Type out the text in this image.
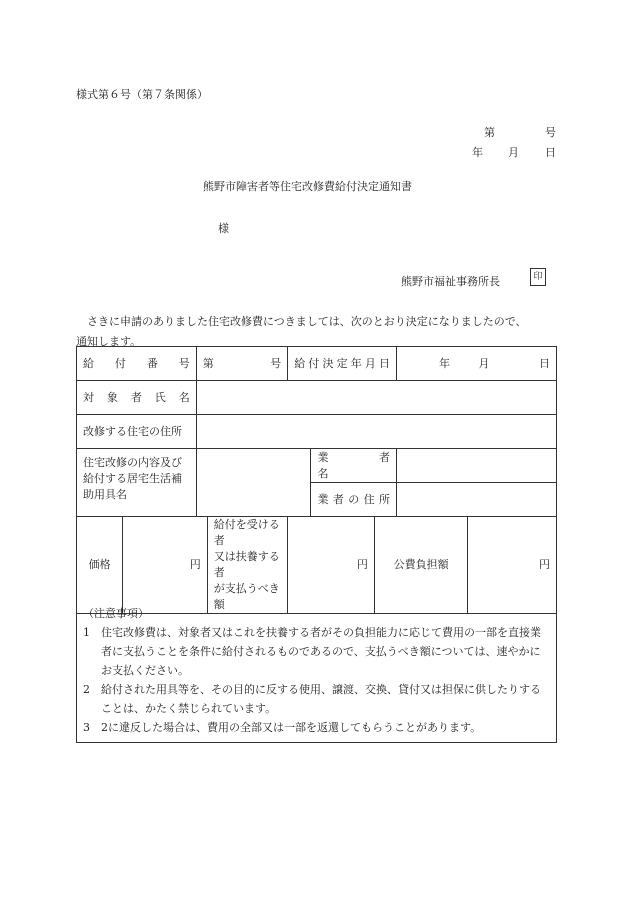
様式第６号（第７条関係）
第	号
年 月 日
熊野市障害者等住宅改修費給付決定通知書
様
熊野市福祉事務所長	印

さきに申請のありました住宅改修費につきましては、次のとおり決定になりましたので、

通知します。

給　付　番　号		第 号		給付決定年月日			年 月 日	

対　象　者　氏　名								
改修する住宅の住所								

住宅改修の内容及び
給付する居宅生活補
助用具名					業　　者　　名			
					業者の住所			
価格	円		給付を受ける者
又は扶養する者
が支払うべき額	円		公費負担額		円

（注意事項）

1　住宅改修費は、対象者又はこれを扶養する者がその負担能力に応じて費用の一部を直接業者に支払うことを条件に給付されるものであるので、支払うべき額については、速やかにお支払ください。

2　給付された用具等を、その目的に反する使用、譲渡、交換、貸付又は担保に供したりすることは、かたく禁じられています。

3　2に違反した場合は、費用の全部又は一部を返還してもらうことがあります。
